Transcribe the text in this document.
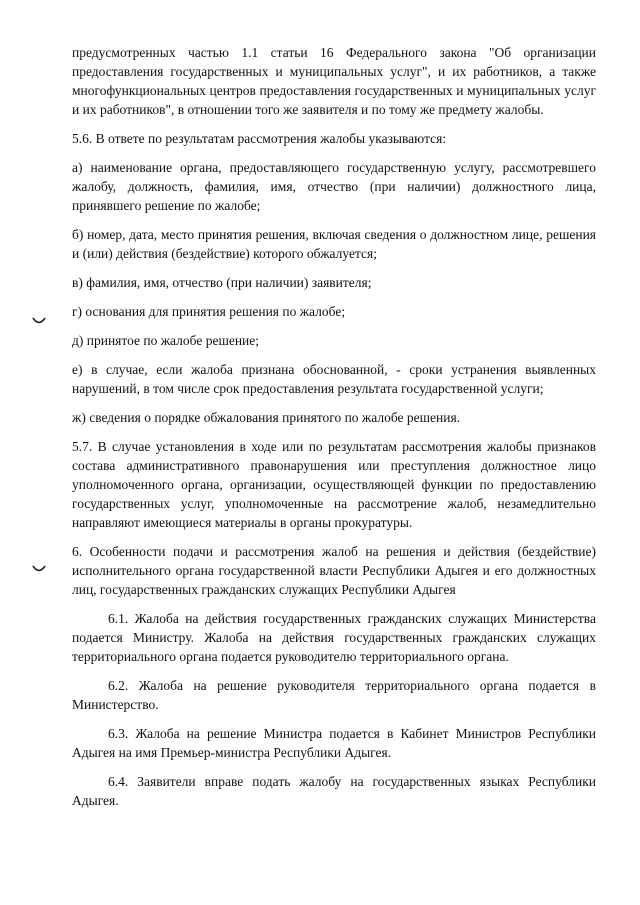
предусмотренных частью 1.1 статьи 16 Федерального закона "Об организации предоставления государственных и муниципальных услуг", и их работников, а также многофункциональных центров предоставления государственных и муниципальных услуг и их работников", в отношении того же заявителя и по тому же предмету жалобы.

5.6. В ответе по результатам рассмотрения жалобы указываются:

а) наименование органа, предоставляющего государственную услугу, рассмотревшего жалобу, должность, фамилия, имя, отчество (при наличии) должностного лица, принявшего решение по жалобе;

б) номер, дата, место принятия решения, включая сведения о должностном лице, решения и (или) действия (бездействие) которого обжалуется;

в) фамилия, имя, отчество (при наличии) заявителя;

г) основания для принятия решения по жалобе;

д) принятое по жалобе решение;

е) в случае, если жалоба признана обоснованной, - сроки устранения выявленных нарушений, в том числе срок предоставления результата государственной услуги;

ж) сведения о порядке обжалования принятого по жалобе решения.

5.7. В случае установления в ходе или по результатам рассмотрения жалобы признаков состава административного правонарушения или преступления должностное лицо уполномоченного органа, организации, осуществляющей функции по предоставлению государственных услуг, уполномоченные на рассмотрение жалоб, незамедлительно направляют имеющиеся материалы в органы прокуратуры.

6. Особенности подачи и рассмотрения жалоб на решения и действия (бездействие) исполнительного органа государственной власти Республики Адыгея и его должностных лиц, государственных гражданских служащих Республики Адыгея

6.1. Жалоба на действия государственных гражданских служащих Министерства подается Министру. Жалоба на действия государственных гражданских служащих территориального органа подается руководителю территориального органа.

6.2. Жалоба на решение руководителя территориального органа подается в Министерство.

6.3. Жалоба на решение Министра подается в Кабинет Министров Республики Адыгея на имя Премьер-министра Республики Адыгея.

6.4. Заявители вправе подать жалобу на государственных языках Республики Адыгея.
